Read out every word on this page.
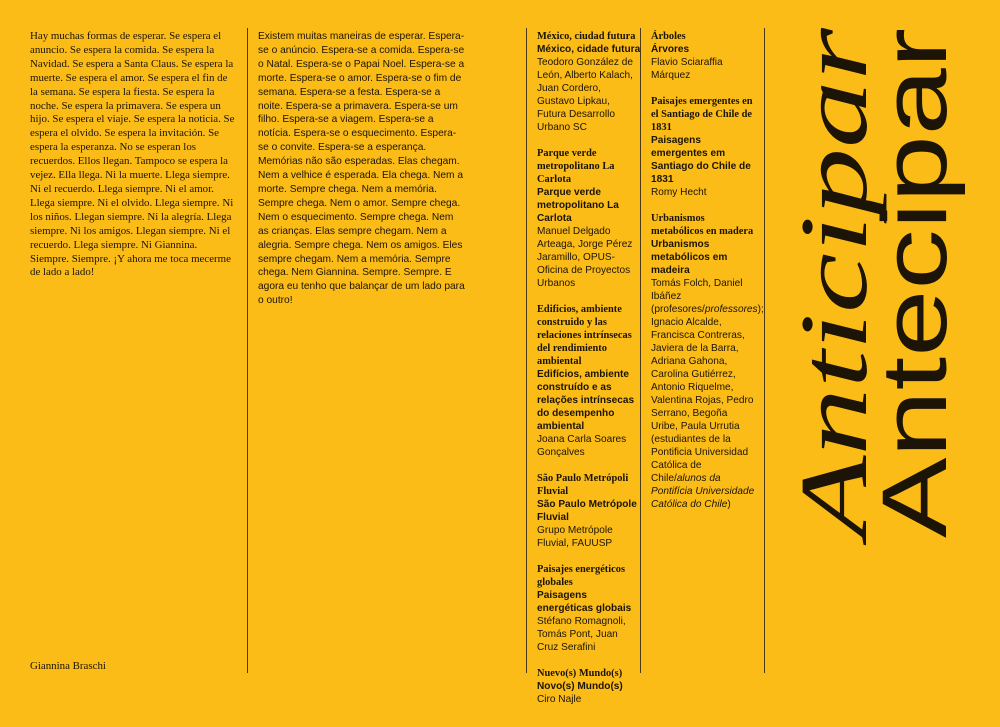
Hay muchas formas de esperar. Se espera el anuncio. Se espera la comida. Se espera la Navidad. Se espera a Santa Claus. Se espera la muerte. Se espera el amor. Se espera el fin de la semana. Se espera la fiesta. Se espera la noche. Se espera la primavera. Se espera un hijo. Se espera el viaje. Se espera la noticia. Se espera el olvido. Se espera la invitación. Se espera la esperanza. No se esperan los recuerdos. Ellos llegan. Tampoco se espera la vejez. Ella llega. Ni la muerte. Llega siempre. Ni el recuerdo. Llega siempre. Ni el amor. Llega siempre. Ni el olvido. Llega siempre. Ni los niños. Llegan siempre. Ni la alegría. Llega siempre. Ni los amigos. Llegan siempre. Ni el recuerdo. Llega siempre. Ni Giannina. Siempre. Siempre. ¡Y ahora me toca mecerme de lado a lado!
Existem muitas maneiras de esperar. Espera-se o anúncio. Espera-se a comida. Espera-se o Natal. Espera-se o Papai Noel. Espera-se a morte. Espera-se o amor. Espera-se o fim de semana. Espera-se a festa. Espera-se a noite. Espera-se a primavera. Espera-se um filho. Espera-se a viagem. Espera-se a notícia. Espera-se o esquecimento. Espera-se o convite. Espera-se a esperança. Memórias não são esperadas. Elas chegam. Nem a velhice é esperada. Ela chega. Nem a morte. Sempre chega. Nem a memória. Sempre chega. Nem o amor. Sempre chega. Nem o esquecimento. Sempre chega. Nem as crianças. Elas sempre chegam. Nem a alegria. Sempre chega. Nem os amigos. Eles sempre chegam. Nem a memória. Sempre chega. Nem Giannina. Sempre. Sempre. E agora eu tenho que balançar de um lado para o outro!
México, ciudad futura
México, cidade futura
Teodoro González de León, Alberto Kalach, Juan Cordero, Gustavo Lipkau, Futura Desarrollo Urbano SC
Parque verde metropolitano La Carlota
Parque verde metropolitano La Carlota
Manuel Delgado Arteaga, Jorge Pérez Jaramillo, OPUS-Oficina de Proyectos Urbanos
Edificios, ambiente construido y las relaciones intrínsecas del rendimiento ambiental
Edifícios, ambiente construído e as relações intrínsecas do desempenho ambiental
Joana Carla Soares Gonçalves
São Paulo Metrópoli Fluvial
São Paulo Metrópole Fluvial
Grupo Metrópole Fluvial, FAUUSP
Paisajes energéticos globales
Paisagens energéticas globais
Stéfano Romagnoli, Tomás Pont, Juan Cruz Serafini
Nuevo(s) Mundo(s)
Novo(s) Mundo(s)
Ciro Najle
Árboles
Árvores
Flavio Sciaraffia Márquez
Paisajes emergentes en el Santiago de Chile de 1831
Paisagens emergentes em Santiago do Chile de 1831
Romy Hecht
Urbanismos metabólicos en madera
Urbanismos metabólicos em madeira
Tomás Folch, Daniel Ibáñez (profesores/professores); Ignacio Alcalde, Francisca Contreras, Javiera de la Barra, Adriana Gahona, Carolina Gutiérrez, Antonio Riquelme, Valentina Rojas, Pedro Serrano, Begoña Uribe, Paula Urrutia (estudiantes de la Pontificia Universidad Católica de Chile/alunos da Pontifícia Universidade Católica do Chile)
Giannina Braschi
Anticipar
Antecipar
